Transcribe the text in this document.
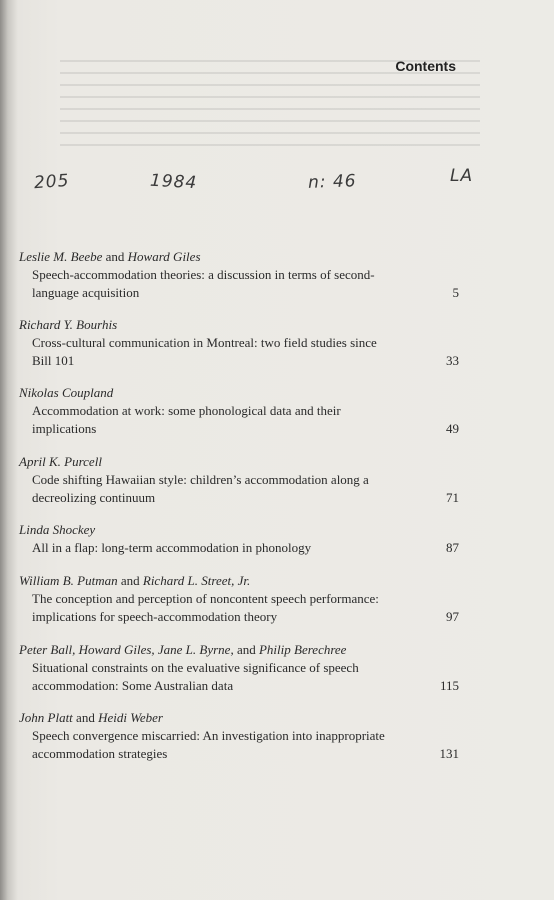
Contents
205	1984	n: 46	LA
Leslie M. Beebe and Howard Giles
Speech-accommodation theories: a discussion in terms of second-
language acquisition	5
Richard Y. Bourhis
Cross-cultural communication in Montreal: two field studies since
Bill 101	33
Nikolas Coupland
Accommodation at work: some phonological data and their
implications	49
April K. Purcell
Code shifting Hawaiian style: children’s accommodation along a
decreolizing continuum	71
Linda Shockey
All in a flap: long-term accommodation in phonology	87
William B. Putman and Richard L. Street, Jr.
The conception and perception of noncontent speech performance:
implications for speech-accommodation theory	97
Peter Ball, Howard Giles, Jane L. Byrne, and Philip Berechree
Situational constraints on the evaluative significance of speech
accommodation: Some Australian data	115
John Platt and Heidi Weber
Speech convergence miscarried: An investigation into inappropriate
accommodation strategies	131
